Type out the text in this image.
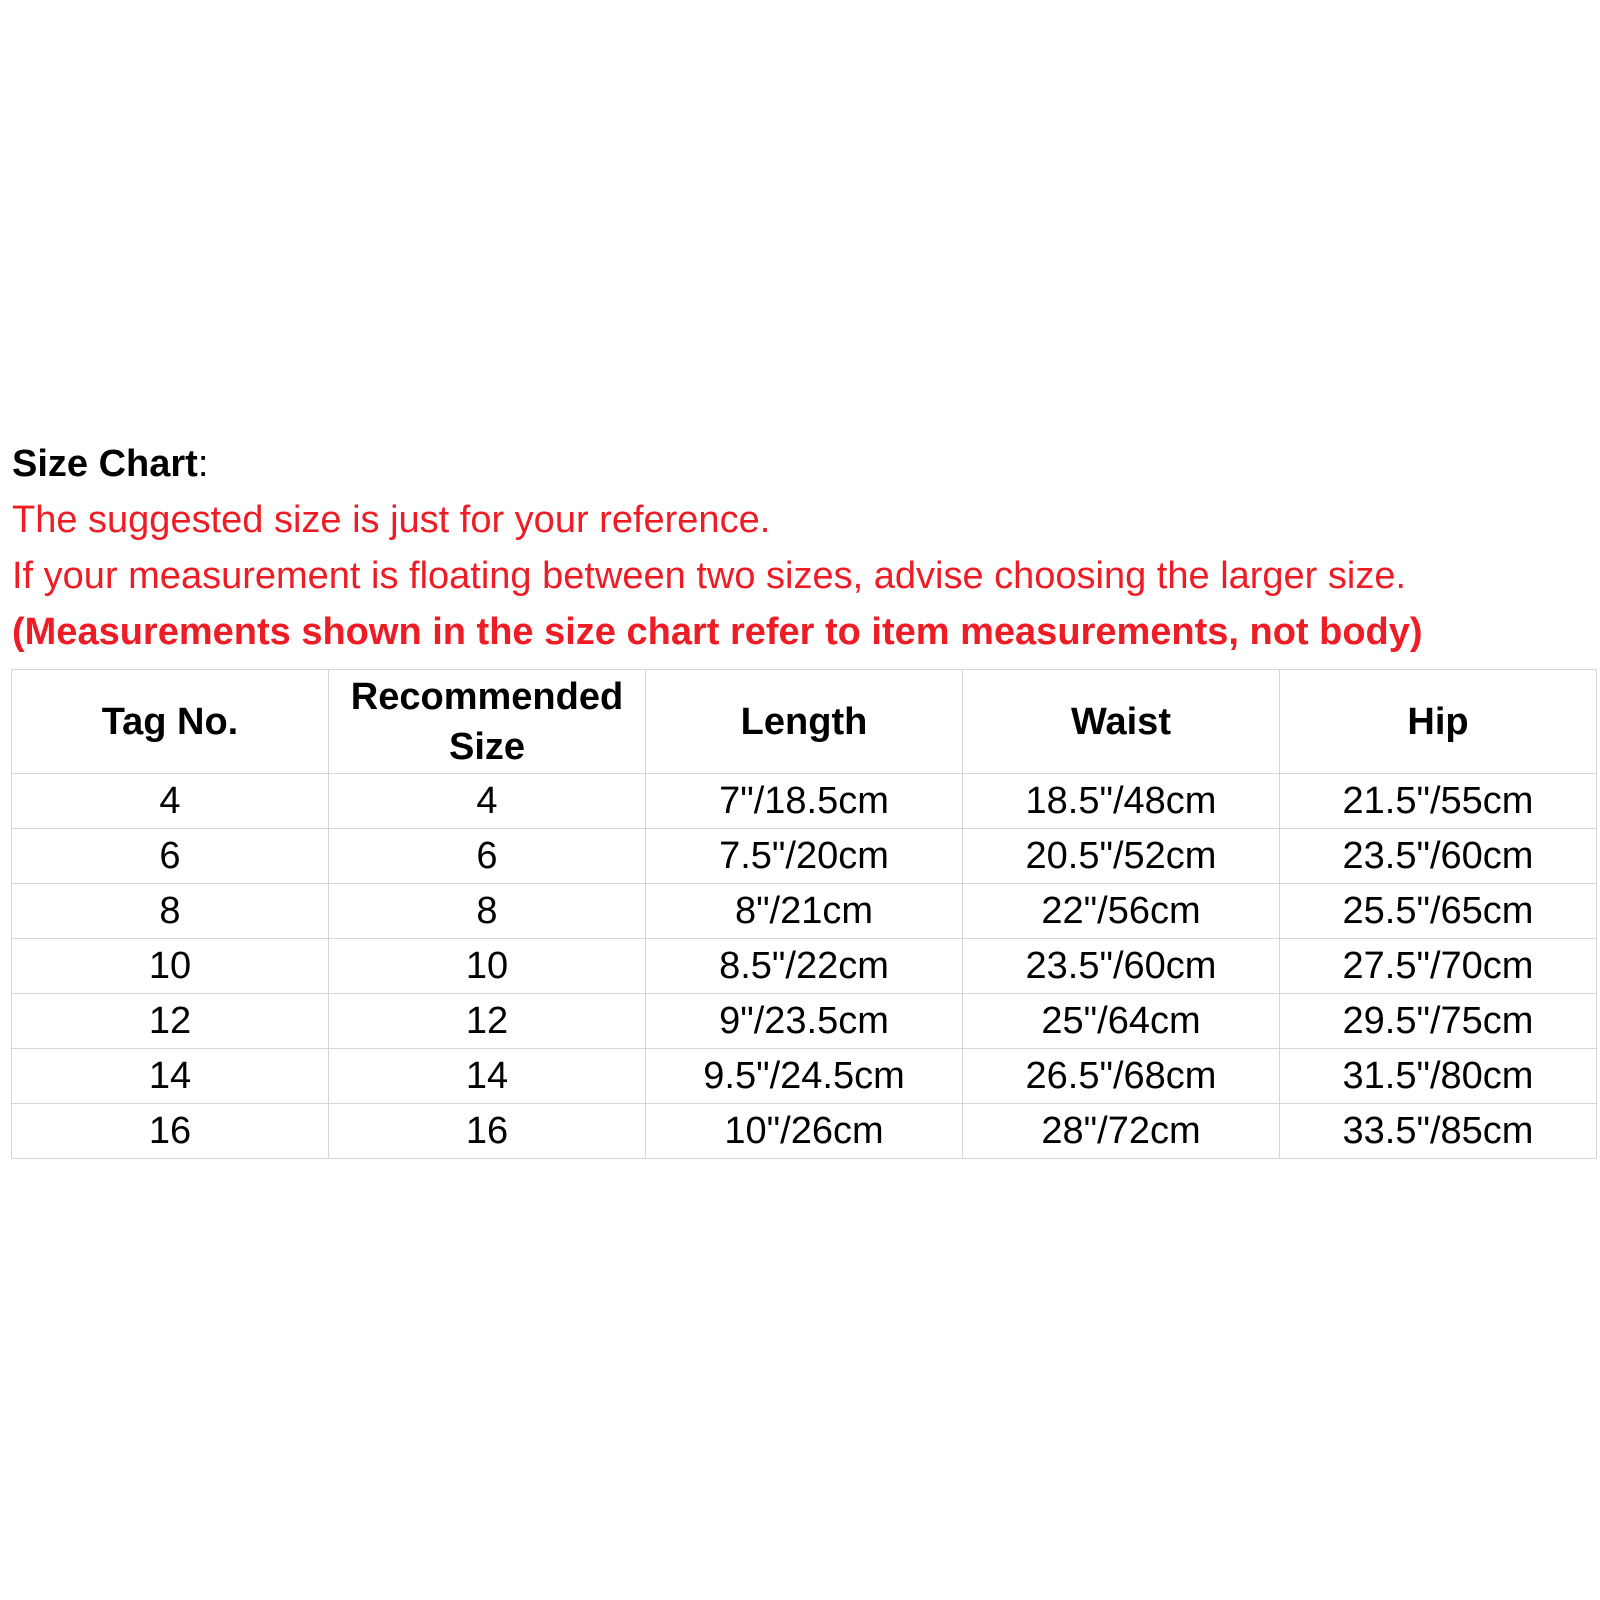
Size Chart:
The suggested size is just for your reference.
If your measurement is floating between two sizes, advise choosing the larger size.
(Measurements shown in the size chart refer to item measurements, not body)
Tag No.	Recommended Size	Length	Waist	Hip
4	4	7"/18.5cm	18.5"/48cm	21.5"/55cm
6	6	7.5"/20cm	20.5"/52cm	23.5"/60cm
8	8	8"/21cm	22"/56cm	25.5"/65cm
10	10	8.5"/22cm	23.5"/60cm	27.5"/70cm
12	12	9"/23.5cm	25"/64cm	29.5"/75cm
14	14	9.5"/24.5cm	26.5"/68cm	31.5"/80cm
16	16	10"/26cm	28"/72cm	33.5"/85cm
